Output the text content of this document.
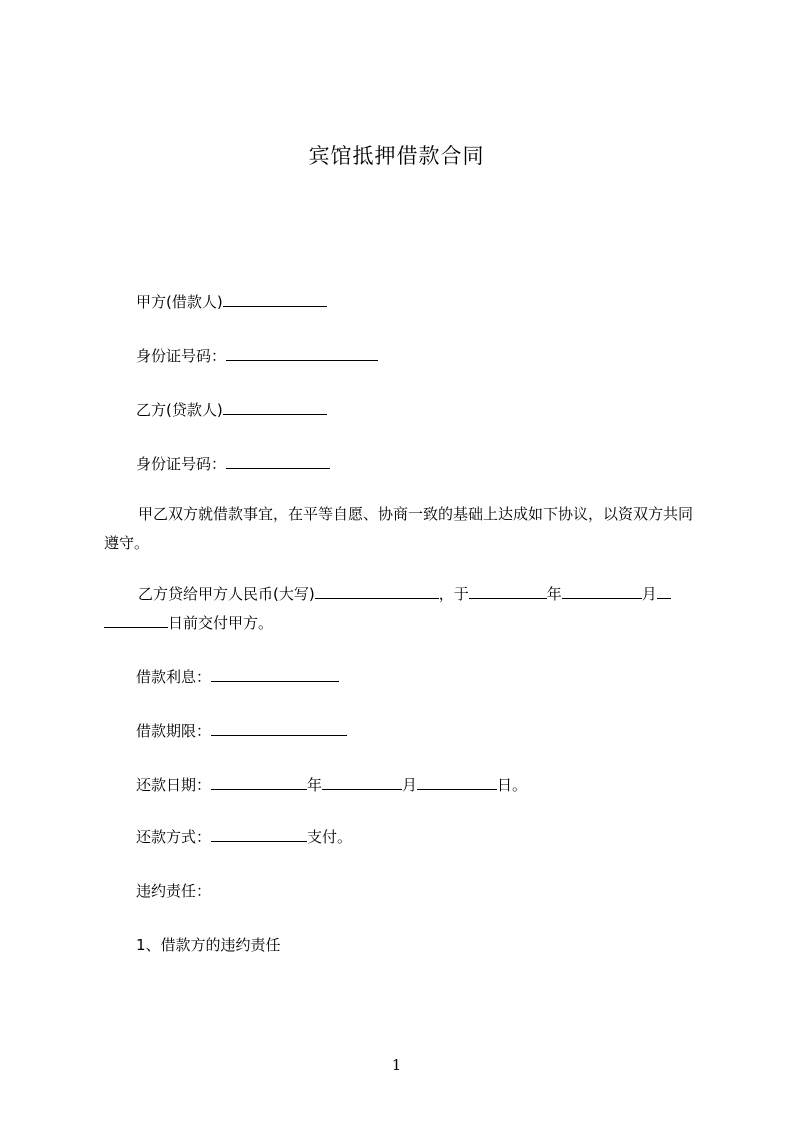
宾馆抵押借款合同
甲方(借款人)
身份证号码：
乙方(贷款人)
身份证号码：
甲乙双方就借款事宜，在平等自愿、协商一致的基础上达成如下协议，以资双方共同遵守。
乙方贷给甲方人民币(大写)	，于	年	月日前交付甲方。
借款利息：
借款期限：
还款日期：	年	月	日。
还款方式：	支付。
违约责任：
1、借款方的违约责任
1
